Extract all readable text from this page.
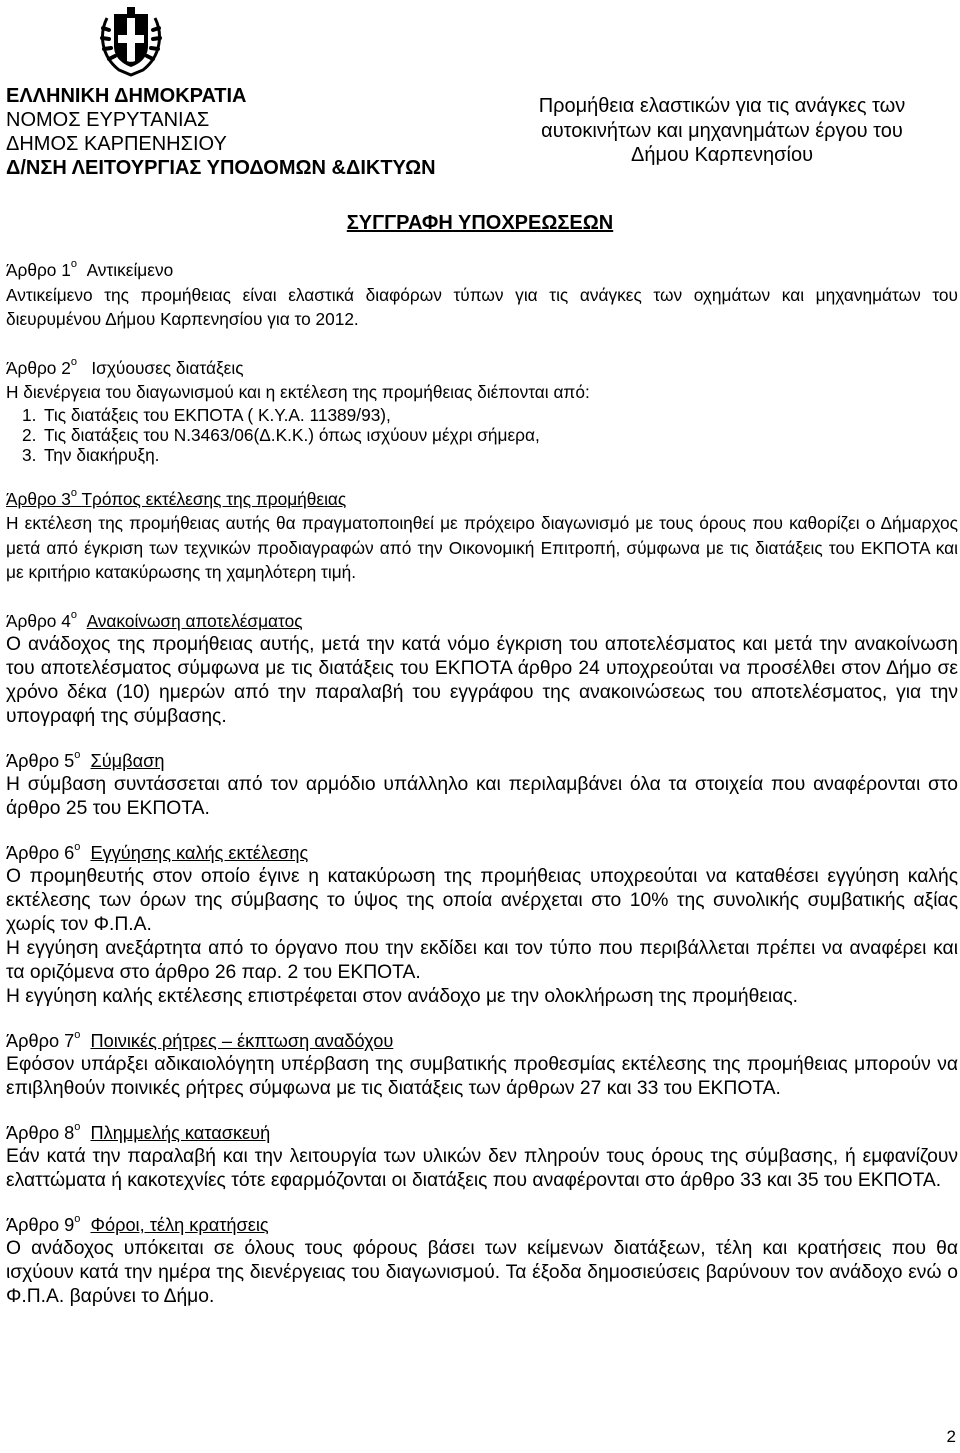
ΕΛΛΗΝΙΚΗ ΔΗΜΟΚΡΑΤΙΑ
ΝΟΜΟΣ ΕΥΡΥΤΑΝΙΑΣ
ΔΗΜΟΣ ΚΑΡΠΕΝΗΣΙΟΥ
Δ/ΝΣΗ ΛΕΙΤΟΥΡΓΙΑΣ ΥΠΟΔΟΜΩΝ &ΔΙΚΤΥΩΝ
Προμήθεια ελαστικών για τις ανάγκες των
αυτοκινήτων και μηχανημάτων έργου του
Δήμου Καρπενησίου
ΣΥΓΓΡΑΦΗ ΥΠΟΧΡΕΩΣΕΩΝ
Άρθρο $1^o$ Αντικείμενο
Αντικείμενο της προμήθειας είναι ελαστικά διαφόρων τύπων για τις ανάγκες των οχημάτων και μηχανημάτων του διευρυμένου Δήμου Καρπενησίου για το 2012.
Άρθρο $2^o$ Ισχύουσες διατάξεις
Η διενέργεια του διαγωνισμού και η εκτέλεση της προμήθειας διέπονται από:
1. Τις διατάξεις του ΕΚΠΟΤΑ ( Κ.Υ.Α. 11389/93),
2. Τις διατάξεις του Ν.3463/06(Δ.Κ.Κ.) όπως ισχύουν μέχρι σήμερα,
3. Την διακήρυξη.
Άρθρο $3^o$ Τρόπος εκτέλεσης της προμήθειας
Η εκτέλεση της προμήθειας αυτής θα πραγματοποιηθεί με πρόχειρο διαγωνισμό με τους όρους που καθορίζει ο Δήμαρχος μετά από έγκριση των τεχνικών προδιαγραφών από την Οικονομική Επιτροπή, σύμφωνα με τις διατάξεις του ΕΚΠΟΤΑ και με κριτήριο κατακύρωσης τη χαμηλότερη τιμή.
Άρθρο $4^o$ Ανακοίνωση αποτελέσματος
Ο ανάδοχος της προμήθειας αυτής, μετά την κατά νόμο έγκριση του αποτελέσματος και μετά την ανακοίνωση του αποτελέσματος σύμφωνα με τις διατάξεις του ΕΚΠΟΤΑ άρθρο 24 υποχρεούται να προσέλθει στον Δήμο σε χρόνο δέκα (10) ημερών από την παραλαβή του εγγράφου της ανακοινώσεως του αποτελέσματος, για την υπογραφή της σύμβασης.
Άρθρο $5^o$ Σύμβαση
Η σύμβαση συντάσσεται από τον αρμόδιο υπάλληλο και περιλαμβάνει όλα τα στοιχεία που αναφέρονται στο άρθρο 25 του ΕΚΠΟΤΑ.
Άρθρο $6^o$ Εγγύησης καλής εκτέλεσης
Ο προμηθευτής στον οποίο έγινε η κατακύρωση της προμήθειας υποχρεούται να καταθέσει εγγύηση καλής εκτέλεσης των όρων της σύμβασης το ύψος της οποία ανέρχεται στο 10% της συνολικής συμβατικής αξίας χωρίς τον Φ.Π.Α.
Η εγγύηση ανεξάρτητα από το όργανο που την εκδίδει και τον τύπο που περιβάλλεται πρέπει να αναφέρει και τα οριζόμενα στο άρθρο 26 παρ. 2 του ΕΚΠΟΤΑ.
Η εγγύηση καλής εκτέλεσης επιστρέφεται στον ανάδοχο με την ολοκλήρωση της προμήθειας.
Άρθρο $7^o$ Ποινικές ρήτρες – έκπτωση αναδόχου
Εφόσον υπάρξει αδικαιολόγητη υπέρβαση της συμβατικής προθεσμίας εκτέλεσης της προμήθειας μπορούν να επιβληθούν ποινικές ρήτρες σύμφωνα με τις διατάξεις των άρθρων 27 και 33 του ΕΚΠΟΤΑ.
Άρθρο $8^o$ Πλημμελής κατασκευή
Εάν κατά την παραλαβή και την λειτουργία των υλικών δεν πληρούν τους όρους της σύμβασης, ή εμφανίζουν ελαττώματα ή κακοτεχνίες τότε εφαρμόζονται οι διατάξεις που αναφέρονται στο άρθρο 33 και 35 του ΕΚΠΟΤΑ.
Άρθρο $9^o$ Φόροι, τέλη κρατήσεις
Ο ανάδοχος υπόκειται σε όλους τους φόρους βάσει των κείμενων διατάξεων, τέλη και κρατήσεις που θα ισχύουν κατά την ημέρα της διενέργειας του διαγωνισμού. Τα έξοδα δημοσιεύσεις βαρύνουν τον ανάδοχο ενώ ο Φ.Π.Α. βαρύνει το Δήμο.
2
